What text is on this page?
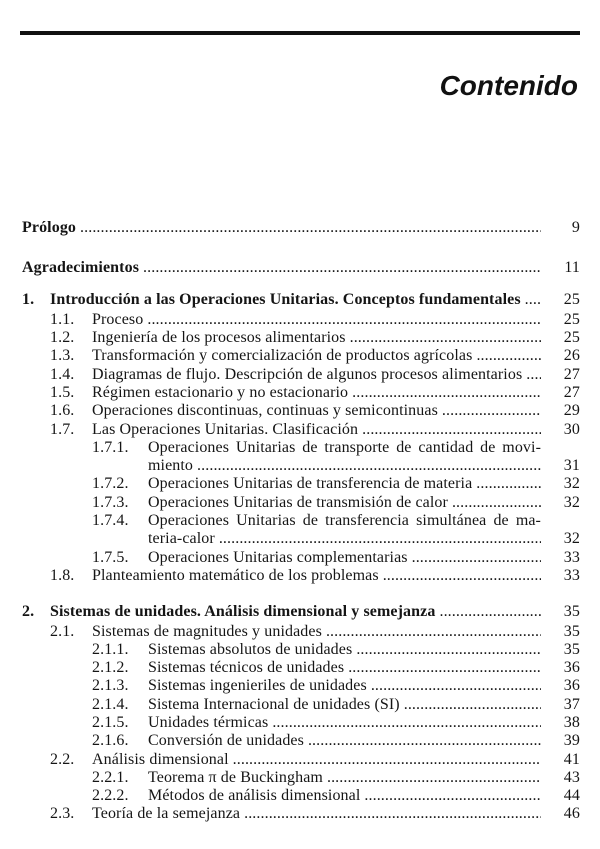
Contenido
Prólogo .....	9
Agradecimientos .....	11
1. Introducción a las Operaciones Unitarias. Conceptos fundamentales .....	25
1.1.	Proceso .....	25
1.2.	Ingeniería de los procesos alimentarios .....	25
1.3.	Transformación y comercialización de productos agrícolas .....	26
1.4.	Diagramas de flujo. Descripción de algunos procesos alimentarios .....	27
1.5.	Régimen estacionario y no estacionario .....	27
1.6.	Operaciones discontinuas, continuas y semicontinuas .....	29
1.7.	Las Operaciones Unitarias. Clasificación .....	30
1.7.1.	Operaciones Unitarias de transporte de cantidad de movi-
miento .....	31
1.7.2.	Operaciones Unitarias de transferencia de materia .....	32
1.7.3.	Operaciones Unitarias de transmisión de calor .....	32
1.7.4.	Operaciones Unitarias de transferencia simultánea de ma-
teria-calor .....	32
1.7.5.	Operaciones Unitarias complementarias .....	33
1.8.	Planteamiento matemático de los problemas .....	33
2. Sistemas de unidades. Análisis dimensional y semejanza .....	35
2.1.	Sistemas de magnitudes y unidades .....	35
2.1.1.	Sistemas absolutos de unidades .....	35
2.1.2.	Sistemas técnicos de unidades .....	36
2.1.3.	Sistemas ingenieriles de unidades .....	36
2.1.4.	Sistema Internacional de unidades (SI) .....	37
2.1.5.	Unidades térmicas .....	38
2.1.6.	Conversión de unidades .....	39
2.2.	Análisis dimensional .....	41
2.2.1.	Teorema π de Buckingham .....	43
2.2.2.	Métodos de análisis dimensional .....	44
2.3.	Teoría de la semejanza .....	46
